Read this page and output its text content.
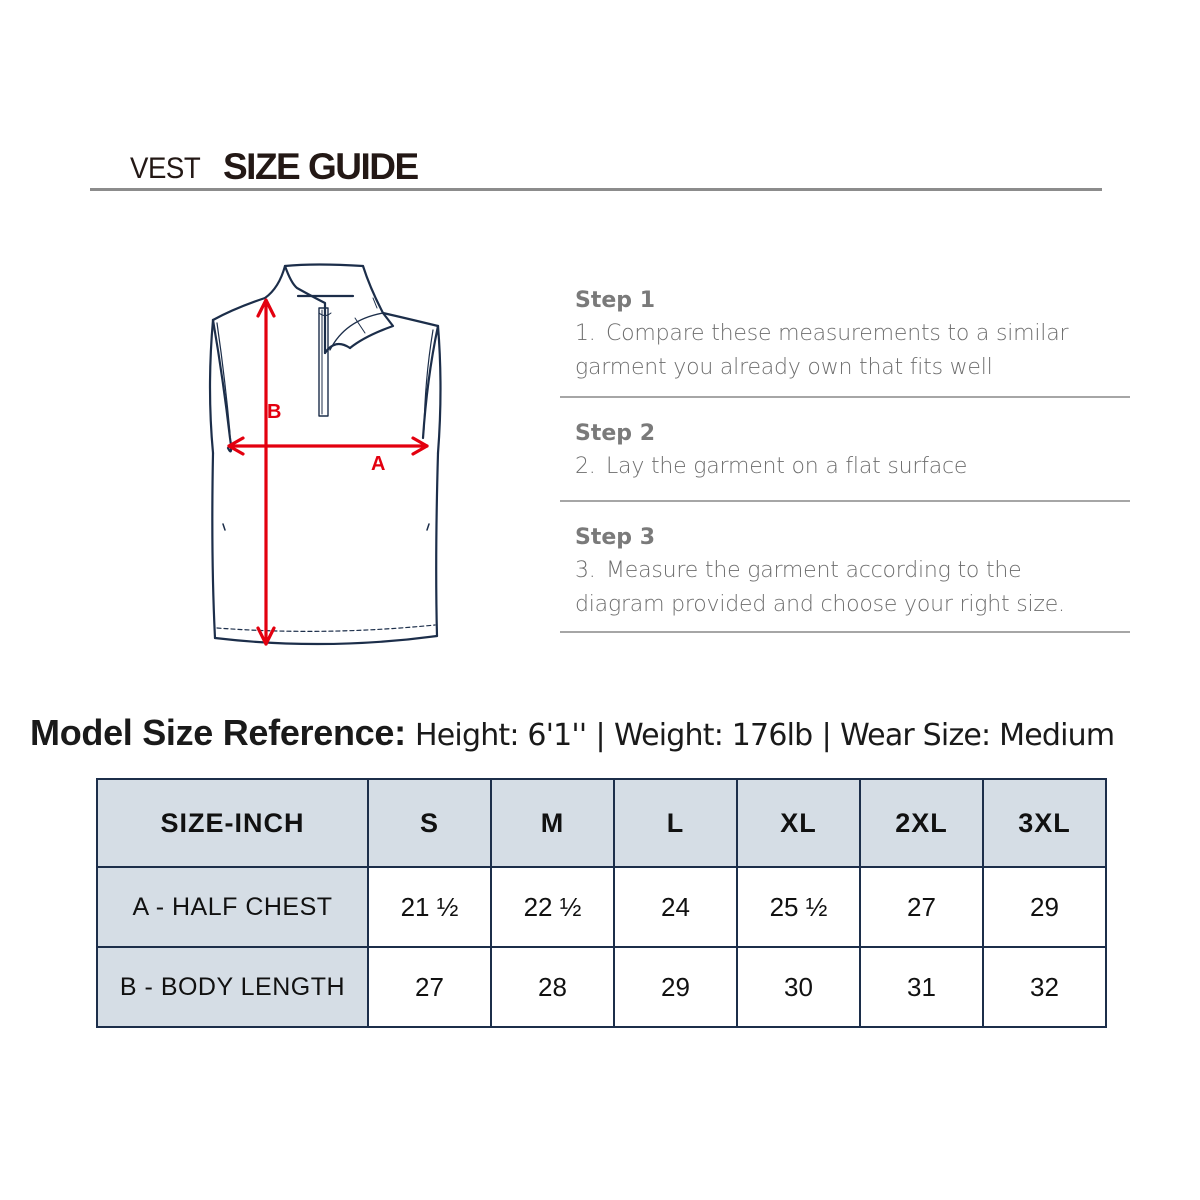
VEST SIZE GUIDE
B
A
Step 1
1. Compare these measurements to a similar
garment you already own that fits well
Step 2
2. Lay the garment on a flat surface
Step 3
3. Measure the garment according to the
diagram provided and choose your right size.
Model Size Reference: Height: 6'1'' | Weight: 176lb | Wear Size: Medium
SIZE-INCH	S	M	L	XL	2XL	3XL
A - HALF CHEST	21 ½	22 ½	24	25 ½	27	29
B - BODY LENGTH	27	28	29	30	31	32
